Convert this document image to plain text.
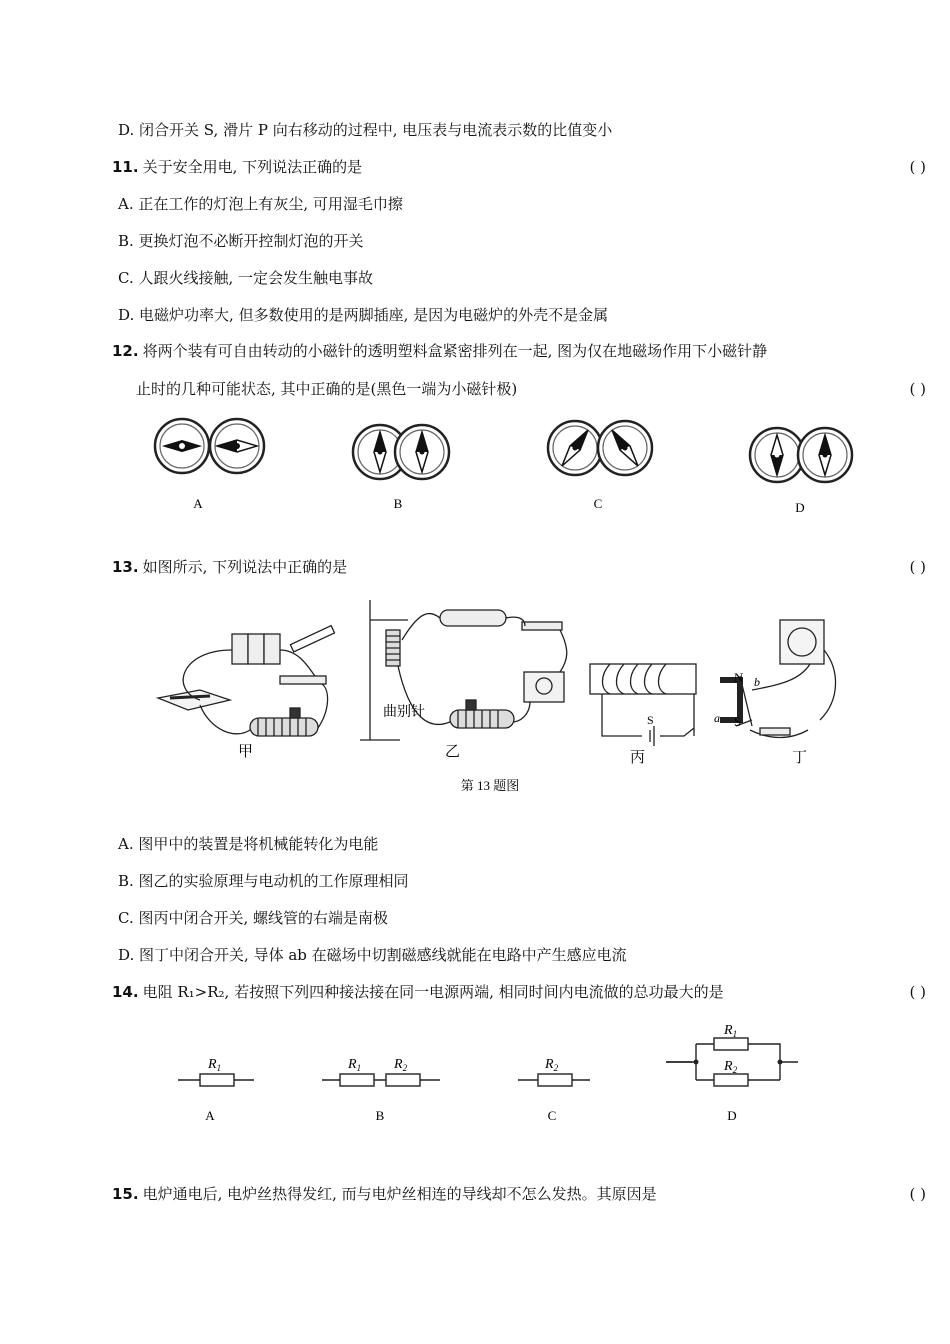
D. 闭合开关 S, 滑片 P 向右移动的过程中, 电压表与电流表示数的比值变小
11. 关于安全用电, 下列说法正确的是	( )
A. 正在工作的灯泡上有灰尘, 可用湿毛巾擦
B. 更换灯泡不必断开控制灯泡的开关
C. 人跟火线接触, 一定会发生触电事故
D. 电磁炉功率大, 但多数使用的是两脚插座, 是因为电磁炉的外壳不是金属
12. 将两个装有可自由转动的小磁针的透明塑料盒紧密排列在一起, 图为仅在地磁场作用下小磁针静
止时的几种可能状态, 其中正确的是(黑色一端为小磁针极)	( )
A	B	C	D
13. 如图所示, 下列说法中正确的是	( )
甲
曲别针
乙	丙	丁
S
N
S
a
b
第 13 题图
A. 图甲中的装置是将机械能转化为电能
B. 图乙的实验原理与电动机的工作原理相同
C. 图丙中闭合开关, 螺线管的右端是南极
D. 图丁中闭合开关, 导体 ab 在磁场中切割磁感线就能在电路中产生感应电流
14. 电阻 R₁>R₂, 若按照下列四种接法接在同一电源两端, 相同时间内电流做的总功最大的是	( )
$R_1$	$R_1$ $R_2$	$R_2$
$R_1$
$R_2$
A	B	C	D
15. 电炉通电后, 电炉丝热得发红, 而与电炉丝相连的导线却不怎么发热。其原因是	( )
